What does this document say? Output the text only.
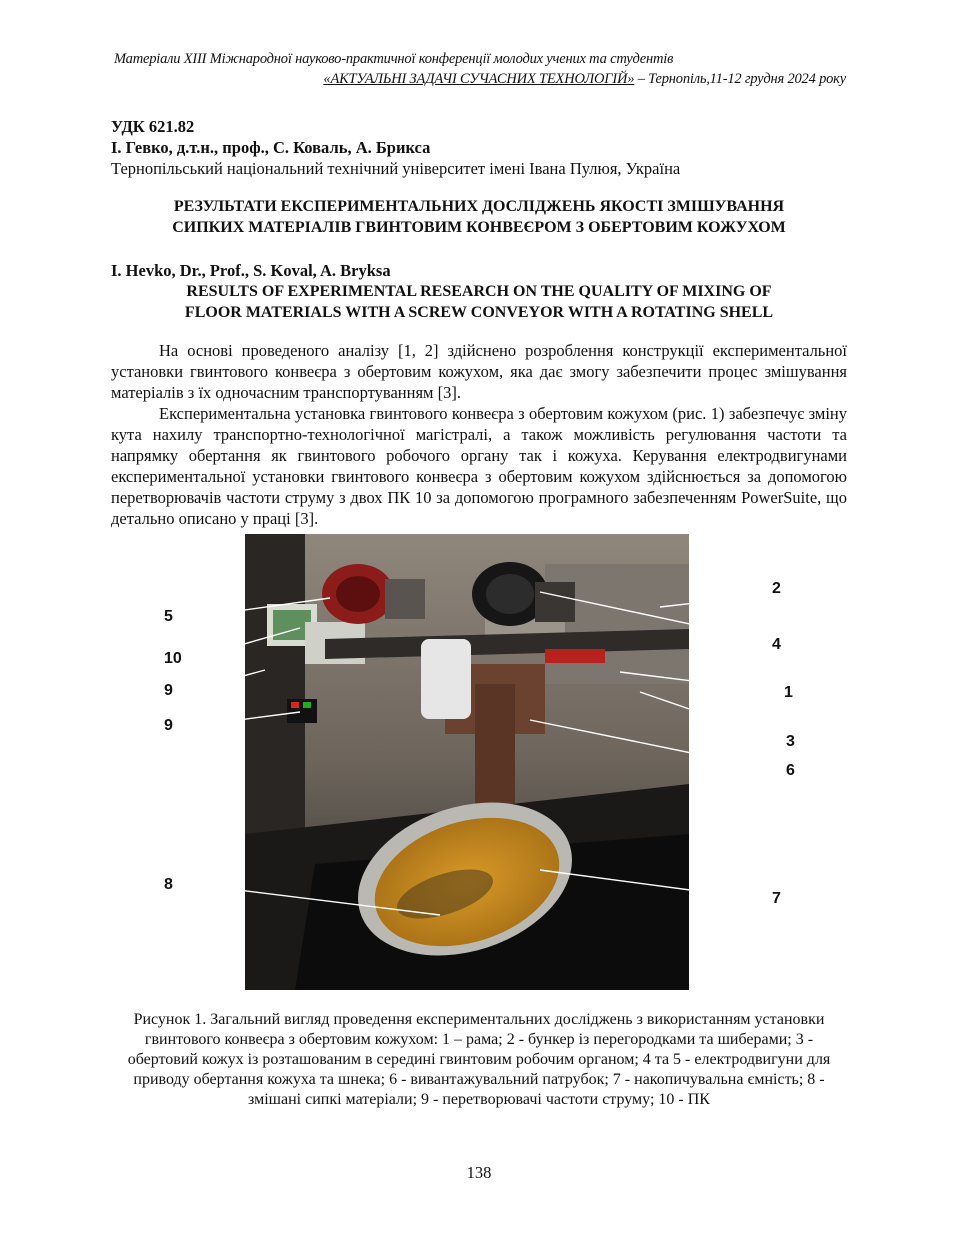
Матеріали XIII Міжнародної науково-практичної конференції молодих учених та студентів
«АКТУАЛЬНІ ЗАДАЧІ СУЧАСНИХ ТЕХНОЛОГІЙ» – Тернопіль,11-12 грудня 2024 року
УДК 621.82
І. Гевко, д.т.н., проф., С. Коваль, А. Брикса
Тернопільський національний технічний університет імені Івана Пулюя, Україна
РЕЗУЛЬТАТИ ЕКСПЕРИМЕНТАЛЬНИХ ДОСЛІДЖЕНЬ ЯКОСТІ ЗМІШУВАННЯ
СИПКИХ МАТЕРІАЛІВ ГВИНТОВИМ КОНВЕЄРОМ З ОБЕРТОВИМ КОЖУХОМ
I. Hevko, Dr., Prof., S. Koval, A. Bryksa
RESULTS OF EXPERIMENTAL RESEARCH ON THE QUALITY OF MIXING OF
FLOOR MATERIALS WITH A SCREW CONVEYOR WITH A ROTATING SHELL

На основі проведеного аналізу [1, 2] здійснено розроблення конструкції експериментальної установки гвинтового конвеєра з обертовим кожухом, яка дає змогу забезпечити процес змішування матеріалів з їх одночасним транспортуванням [3].

Експериментальна установка гвинтового конвеєра з обертовим кожухом (рис. 1) забезпечує зміну кута нахилу транспортно-технологічної магістралі, а також можливість регулювання частоти та напрямку обертання як гвинтового робочого органу так і кожуха. Керування електродвигунами експериментальної установки гвинтового конвеєра з обертовим кожухом здійснюється за допомогою перетворювачів частоти струму з двох ПК 10 за допомогою програмного забезпеченням PowerSuite, що детально описано у праці [3].

5
10
9
9
8
2
4
1
3
6
7
Рисунок 1. Загальний вигляд проведення експериментальних досліджень з використанням установки гвинтового конвеєра з обертовим кожухом: 1 – рама; 2 - бункер із перегородками та шиберами; 3 - обертовий кожух із розташованим в середині гвинтовим робочим органом; 4 та 5 - електродвигуни для приводу обертання кожуха та шнека; 6 - вивантажувальний патрубок; 7 - накопичувальна ємність; 8 - змішані сипкі матеріали; 9 - перетворювачі частоти струму; 10 - ПК
138
